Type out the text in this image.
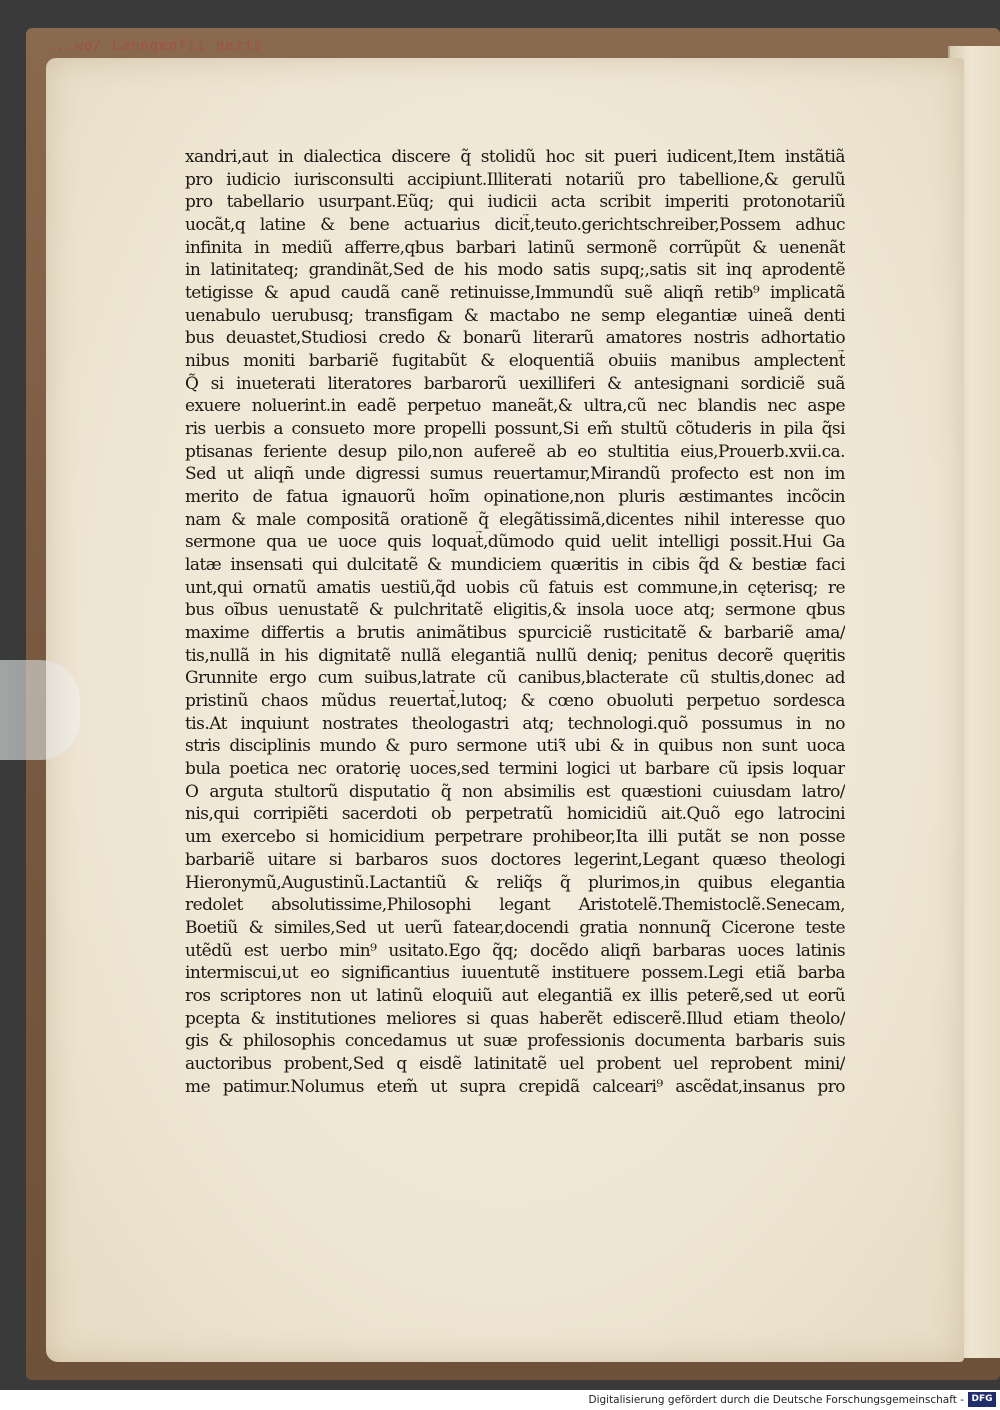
...wo/ Lanngenfii hezis
xandri,aut in dialectica discere q̃ stolidũ hoc sit pueri iudicent,Item instãtiã
pro iudicio iurisconsulti accipiunt.Illiterati notariũ pro tabellione,& gerulũ
pro tabellario usurpant.Eũq; qui iudicii acta scribit imperiti protonotariũ
uocãt,q latine & bene actuarius dicit̃,teuto.gerichtschreiber,Possem adhuc
infinita in mediũ afferre,qbus barbari latinũ sermonẽ corrũpũt & uenenãt
in latinitateq; grandinãt,Sed de his modo satis supq;,satis sit inq aprodentẽ
tetigisse & apud caudã canẽ retinuisse,Immundũ suẽ aliqñ retib⁹ implicatã
uenabulo uerubusq; transfigam & mactabo ne semp elegantiæ uineã denti
bus deuastet,Studiosi credo & bonarũ literarũ amatores nostris adhortatio
nibus moniti barbariẽ fugitabũt & eloquentiã obuiis manibus amplectent̃
Q̃ si inueterati literatores barbarorũ uexilliferi & antesignani sordiciẽ suã
exuere noluerint.in eadẽ perpetuo maneãt,& ultra,cũ nec blandis nec aspe
ris uerbis a consueto more propelli possunt,Si em̃ stultũ cõtuderis in pila q̃si
ptisanas feriente desup pilo,non aufereẽ ab eo stultitia eius,Prouerb.xvii.ca.
Sed ut aliqñ unde digressi sumus reuertamur,Mirandũ profecto est non im
merito de fatua ignauorũ hoĩm opinatione,non pluris æstimantes incõcin
nam & male compositã orationẽ q̃ elegãtissimã,dicentes nihil interesse quo
sermone qua ue uoce quis loquat̃,dũmodo quid uelit intelligi possit.Hui Ga
latæ insensati qui dulcitatẽ & mundiciem quæritis in cibis q̃d & bestiæ faci
unt,qui ornatũ amatis uestiũ,q̃d uobis cũ fatuis est commune,in cęterisq; re
bus oĩbus uenustatẽ & pulchritatẽ eligitis,& insola uoce atq; sermone qbus
maxime differtis a brutis animãtibus spurciciẽ rusticitatẽ & barbariẽ ama/
tis,nullã in his dignitatẽ nullã elegantiã nullũ deniq; penitus decorẽ quęritis
Grunnite ergo cum suibus,latrate cũ canibus,blacterate cũ stultis,donec ad
pristinũ chaos mũdus reuertat̃,lutoq; & cœno obuoluti perpetuo sordesca
tis.At inquiunt nostrates theologastri atq; technologi.quõ possumus in no
stris disciplinis mundo & puro sermone utiꝛ̃ ubi & in quibus non sunt uoca
bula poetica nec oratorię uoces,sed termini logici ut barbare cũ ipsis loquar
O arguta stultorũ disputatio q̃ non absimilis est quæstioni cuiusdam latro/
nis,qui corripiẽti sacerdoti ob perpetratũ homicidiũ ait.Quõ ego latrocini
um exercebo si homicidium perpetrare prohibeor,Ita illi putãt se non posse
barbariẽ uitare si barbaros suos doctores legerint,Legant quæso theologi
Hieronymũ,Augustinũ.Lactantiũ & reliq̃s q̃ plurimos,in quibus elegantia
redolet absolutissime,Philosophi legant Aristotelẽ.Themistoclẽ.Senecam,
Boetiũ & similes,Sed ut uerũ fatear,docendi gratia nonnunq̃ Cicerone teste
utẽdũ est uerbo min⁹ usitato.Ego q̃q; docẽdo aliqñ barbaras uoces latinis
intermiscui,ut eo significantius iuuentutẽ instituere possem.Legi etiã barba
ros scriptores non ut latinũ eloquiũ aut elegantiã ex illis peterẽ,sed ut eorũ
pcepta & institutiones meliores si quas haberẽt ediscerẽ.Illud etiam theolo/
gis & philosophis concedamus ut suæ professionis documenta barbaris suis
auctoribus probent,Sed q eisdẽ latinitatẽ uel probent uel reprobent mini/
me patimur.Nolumus etem̃ ut supra crepidã calceari⁹ ascẽdat,insanus pro
Digitalisierung gefördert durch die Deutsche Forschungsgemeinschaft - DFG
